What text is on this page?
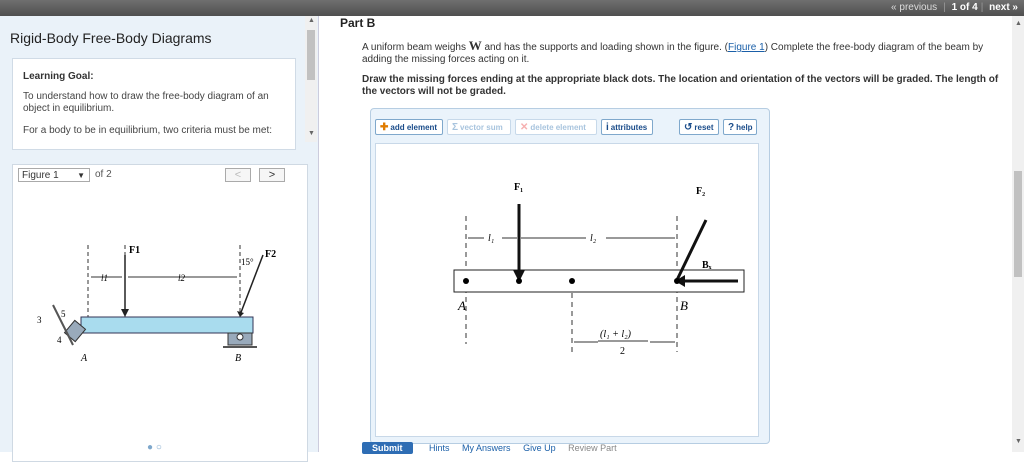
« previous | 1 of 4 | next »
Rigid-Body Free-Body Diagrams
Learning Goal:
To understand how to draw the free-body diagram of an object in equilibrium.
For a body to be in equilibrium, two criteria must be met:
Figure 1 ▼ of 2	<	>
F1	F2
15°
l1	l2
A	B
3
4
5
● ○
▲
▼
Part B
A uniform beam weighs W and has the supports and loading shown in the figure. (Figure 1) Complete the free-body diagram of the beam by adding the missing forces acting on it.
Draw the missing forces ending at the appropriate black dots. The location and orientation of the vectors will be graded. The length of the vectors will not be graded.
✚ add element	Σ vector sum	✕ delete element	i attributes	↺ reset	? help
F₁	F₂
Bₓ
l₁	l₂
A	B
(l₁ + l₂)
2
Submit	Hints My Answers Give Up Review Part
▲
▼
